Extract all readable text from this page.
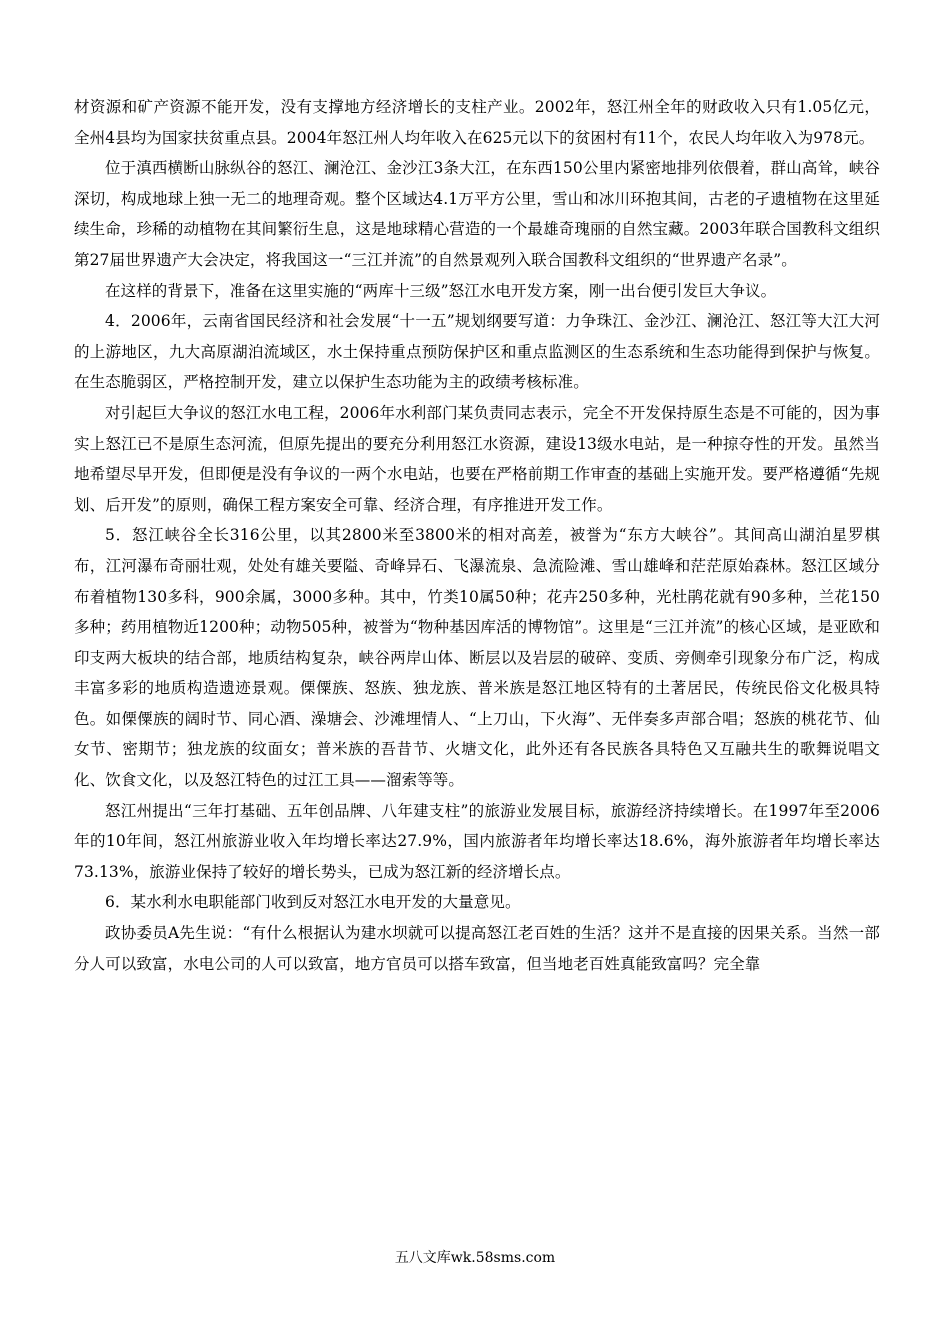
材资源和矿产资源不能开发，没有支撑地方经济增长的支柱产业。2002年，怒江州全年的财政收入只有1.05亿元，全州4县均为国家扶贫重点县。2004年怒江州人均年收入在625元以下的贫困村有11个，农民人均年收入为978元。

位于滇西横断山脉纵谷的怒江、澜沧江、金沙江3条大江，在东西150公里内紧密地排列依偎着，群山高耸，峡谷深切，构成地球上独一无二的地理奇观。整个区域达4.1万平方公里，雪山和冰川环抱其间，古老的孑遗植物在这里延续生命，珍稀的动植物在其间繁衍生息，这是地球精心营造的一个最雄奇瑰丽的自然宝藏。2003年联合国教科文组织第27届世界遗产大会决定，将我国这一“三江并流”的自然景观列入联合国教科文组织的“世界遗产名录”。

在这样的背景下，准备在这里实施的“两库十三级”怒江水电开发方案，刚一出台便引发巨大争议。

4．2006年，云南省国民经济和社会发展“十一五”规划纲要写道：力争珠江、金沙江、澜沧江、怒江等大江大河的上游地区，九大高原湖泊流域区，水土保持重点预防保护区和重点监测区的生态系统和生态功能得到保护与恢复。在生态脆弱区，严格控制开发，建立以保护生态功能为主的政绩考核标准。

对引起巨大争议的怒江水电工程，2006年水利部门某负责同志表示，完全不开发保持原生态是不可能的，因为事实上怒江已不是原生态河流，但原先提出的要充分利用怒江水资源，建设13级水电站，是一种掠夺性的开发。虽然当地希望尽早开发，但即便是没有争议的一两个水电站，也要在严格前期工作审查的基础上实施开发。要严格遵循“先规划、后开发”的原则，确保工程方案安全可靠、经济合理，有序推进开发工作。

5．怒江峡谷全长316公里，以其2800米至3800米的相对高差，被誉为“东方大峡谷”。其间高山湖泊星罗棋布，江河瀑布奇丽壮观，处处有雄关要隘、奇峰异石、飞瀑流泉、急流险滩、雪山雄峰和茫茫原始森林。怒江区域分布着植物130多科，900余属，3000多种。其中，竹类10属50种；花卉250多种，光杜鹃花就有90多种，兰花150多种；药用植物近1200种；动物505种，被誉为“物种基因库活的博物馆”。这里是“三江并流”的核心区域，是亚欧和印支两大板块的结合部，地质结构复杂，峡谷两岸山体、断层以及岩层的破碎、变质、旁侧牵引现象分布广泛，构成丰富多彩的地质构造遗迹景观。傈僳族、怒族、独龙族、普米族是怒江地区特有的土著居民，传统民俗文化极具特色。如傈僳族的阔时节、同心酒、澡塘会、沙滩埋情人、“上刀山，下火海”、无伴奏多声部合唱；怒族的桃花节、仙女节、密期节；独龙族的纹面女；普米族的吾昔节、火塘文化，此外还有各民族各具特色又互融共生的歌舞说唱文化、饮食文化，以及怒江特色的过江工具——溜索等等。

怒江州提出“三年打基础、五年创品牌、八年建支柱”的旅游业发展目标，旅游经济持续增长。在1997年至2006年的10年间，怒江州旅游业收入年均增长率达27.9%，国内旅游者年均增长率达18.6%，海外旅游者年均增长率达73.13%，旅游业保持了较好的增长势头，已成为怒江新的经济增长点。

6．某水利水电职能部门收到反对怒江水电开发的大量意见。

政协委员A先生说：“有什么根据认为建水坝就可以提高怒江老百姓的生活？这并不是直接的因果关系。当然一部分人可以致富，水电公司的人可以致富，地方官员可以搭车致富，但当地老百姓真能致富吗？完全靠

五八文库wk.58sms.com
